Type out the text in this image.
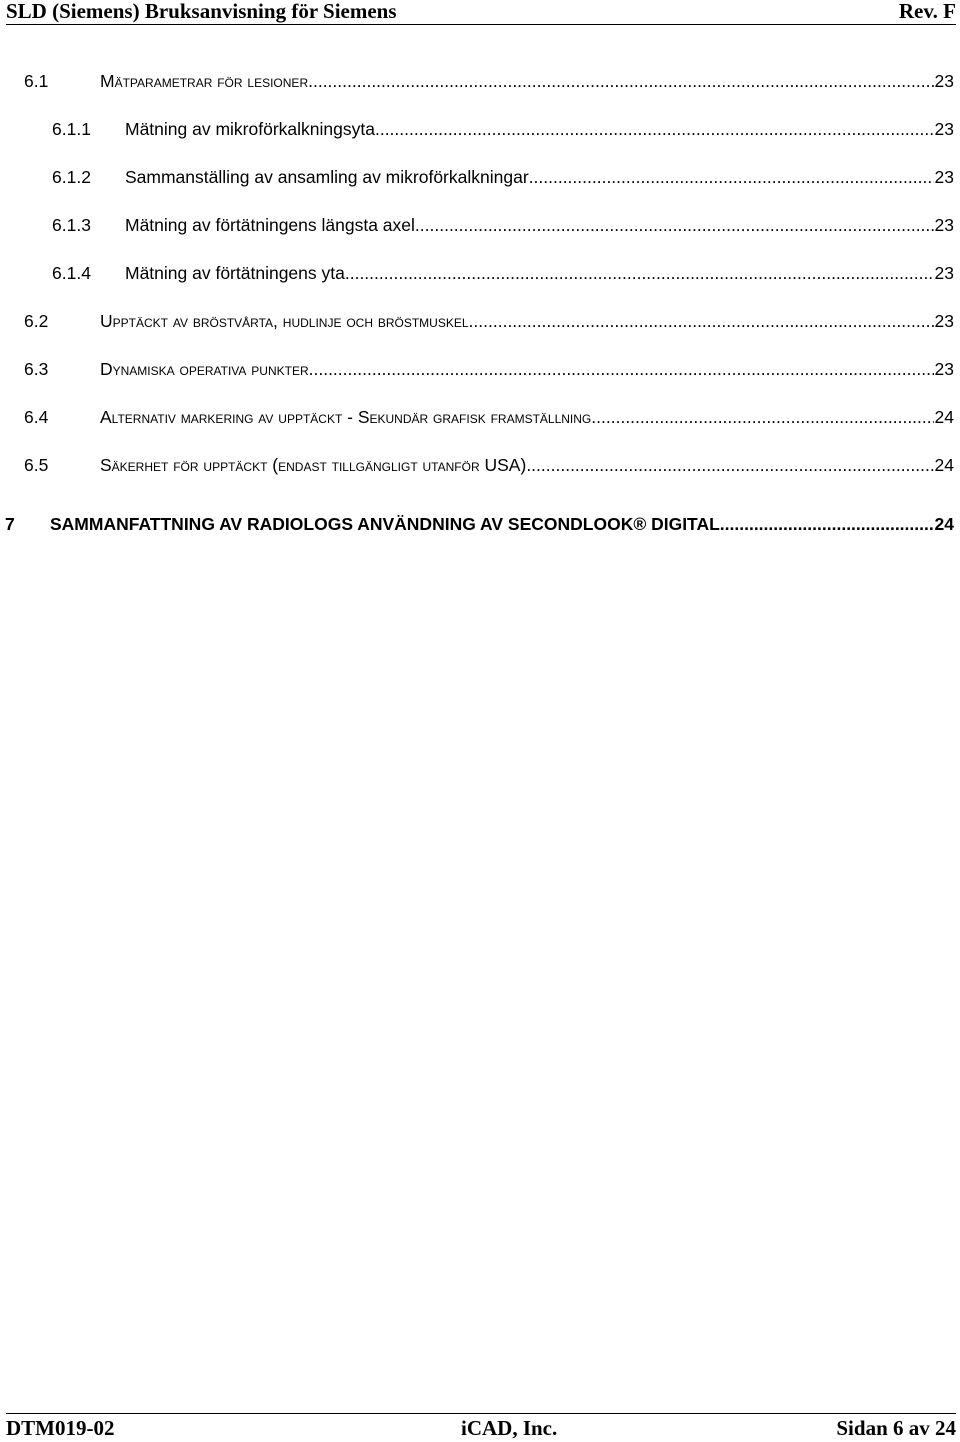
SLD (Siemens) Bruksanvisning för Siemens	Rev. F
6.1	Mätparametrar för lesioner .....	23
6.1.1	Mätning av mikroförkalkningsyta .....	23
6.1.2	Sammanställing av ansamling av mikroförkalkningar .....	23
6.1.3	Mätning av förtätningens längsta axel .....	23
6.1.4	Mätning av förtätningens yta .....	23
6.2	Upptäckt av bröstvårta, hudlinje och bröstmuskel .....	23
6.3	Dynamiska operativa punkter .....	23
6.4	Alternativ markering av upptäckt - Sekundär grafisk framställning .....	24
6.5	Säkerhet för upptäckt (endast tillgängligt utanför USA) .....	24
7	SAMMANFATTNING AV RADIOLOGS ANVÄNDNING AV SECONDLOOK® DIGITAL .....	24
DTM019-02	iCAD, Inc.	Sidan 6 av 24
